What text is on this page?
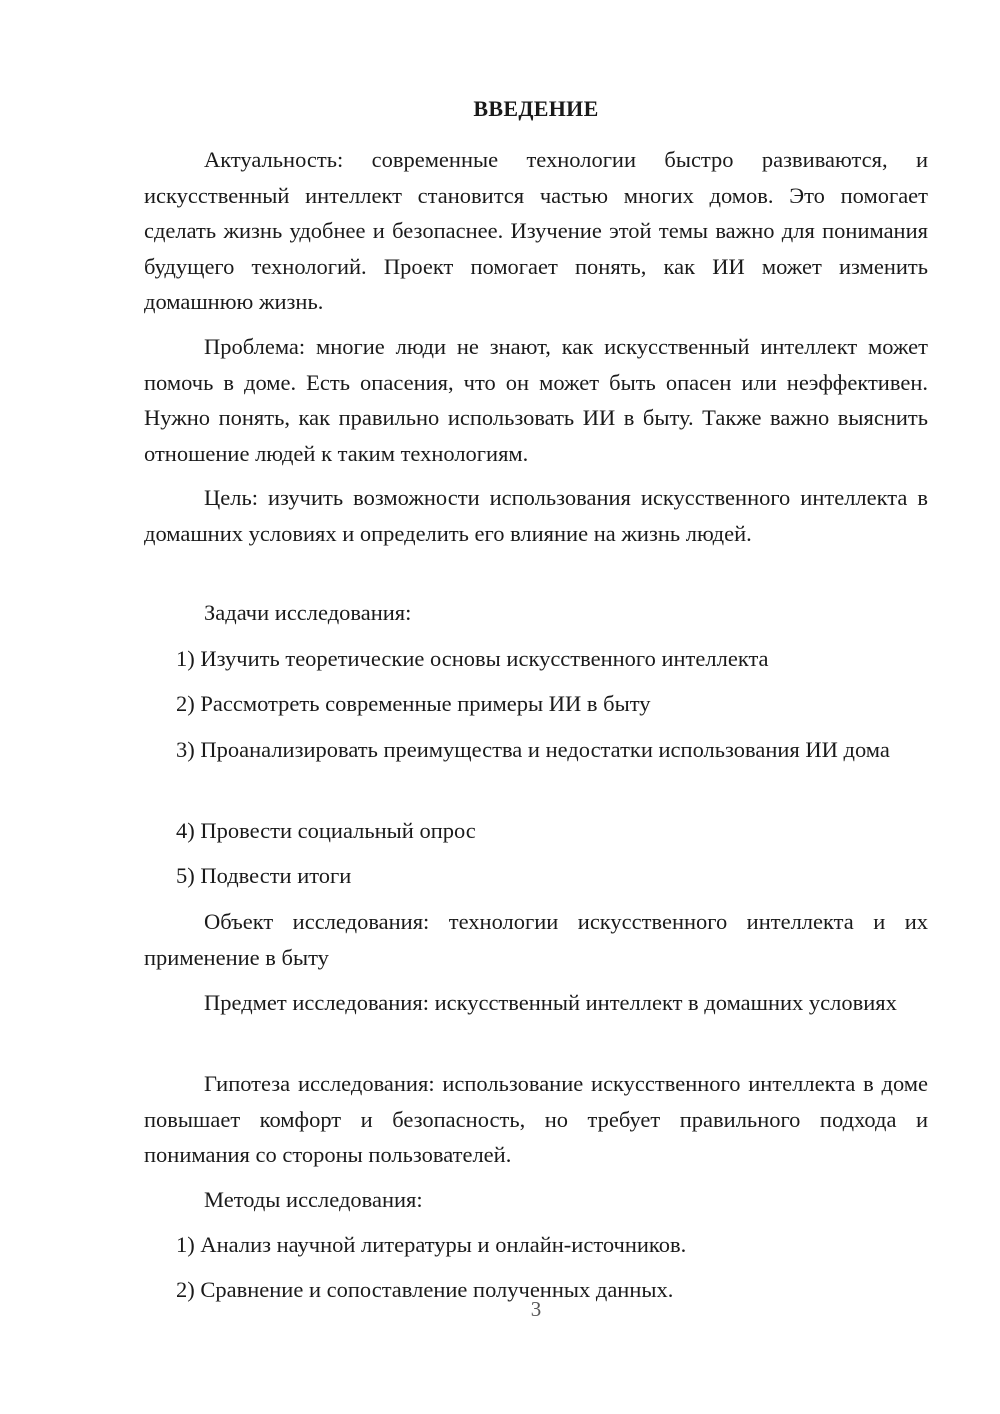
ВВЕДЕНИЕ
Актуальность: современные технологии быстро развиваются, и искусственный интеллект становится частью многих домов. Это помогает сделать жизнь удобнее и безопаснее. Изучение этой темы важно для понимания будущего технологий. Проект помогает понять, как ИИ может изменить домашнюю жизнь.
Проблема: многие люди не знают, как искусственный интеллект может помочь в доме. Есть опасения, что он может быть опасен или неэффективен. Нужно понять, как правильно использовать ИИ в быту. Также важно выяснить отношение людей к таким технологиям.
Цель: изучить возможности использования искусственного интеллекта в домашних условиях и определить его влияние на жизнь людей.
Задачи исследования:
1) Изучить теоретические основы искусственного интеллекта
2) Рассмотреть современные примеры ИИ в быту
3) Проанализировать преимущества и недостатки использования ИИ дома
4) Провести социальный опрос
5) Подвести итоги
Объект исследования: технологии искусственного интеллекта и их применение в быту
Предмет исследования: искусственный интеллект в домашних условиях
Гипотеза исследования: использование искусственного интеллекта в доме повышает комфорт и безопасность, но требует правильного подхода и понимания со стороны пользователей.
Методы исследования:
1) Анализ научной литературы и онлайн-источников.
2) Сравнение и сопоставление полученных данных.
3
